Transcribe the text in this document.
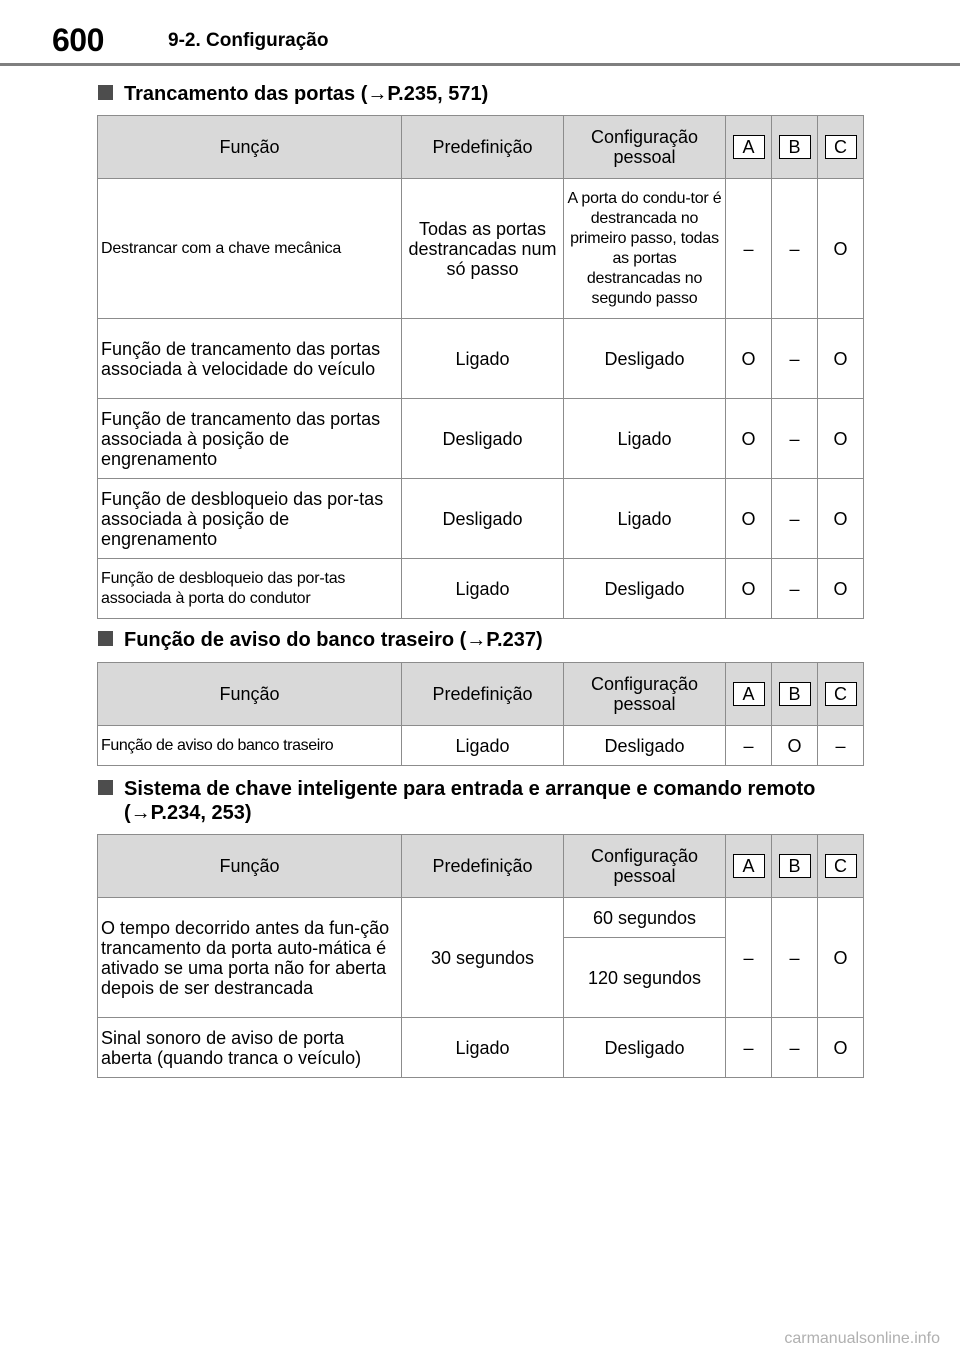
600	9-2. Configuração
Trancamento das portas (→P.235, 571)
Função	Predefinição	Configuração pessoal	A	B	C
Destrancar com a chave mecânica	Todas as portas destrancadas num só passo	A porta do condu-tor é destrancada no primeiro passo, todas as portas destrancadas no segundo passo	–	–	O
Função de trancamento das portas associada à velocidade do veículo	Ligado	Desligado	O	–	O
Função de trancamento das portas associada à posição de engrenamento	Desligado	Ligado	O	–	O
Função de desbloqueio das por-tas associada à posição de engrenamento	Desligado	Ligado	O	–	O
Função de desbloqueio das por-tas associada à porta do condutor	Ligado	Desligado	O	–	O
Função de aviso do banco traseiro (→P.237)
Função	Predefinição	Configuração pessoal	A	B	C
Função de aviso do banco traseiro	Ligado	Desligado	–	O	–
Sistema de chave inteligente para entrada e arranque e comando remoto (→P.234, 253)
Função	Predefinição	Configuração pessoal	A	B	C
O tempo decorrido antes da fun-ção trancamento da porta auto-mática é ativado se uma porta não for aberta depois de ser destrancada	30 segundos	60 segundos	–	–	O
		120 segundos			
Sinal sonoro de aviso de porta aberta (quando tranca o veículo)	Ligado	Desligado	–	–	O
carmanualsonline.info
